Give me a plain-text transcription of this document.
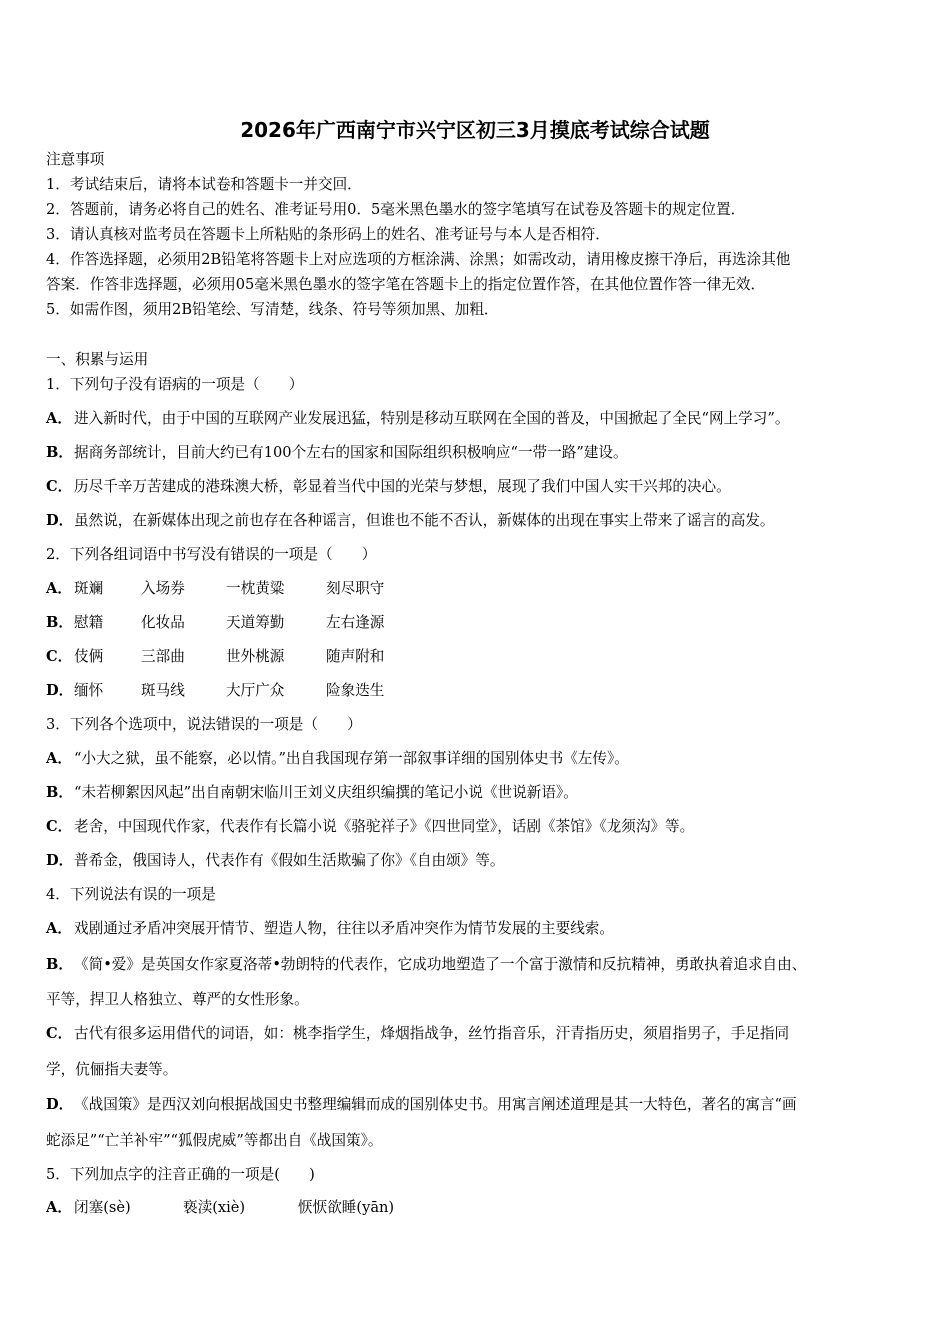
2026年广西南宁市兴宁区初三3月摸底考试综合试题
注意事项
1．考试结束后，请将本试卷和答题卡一并交回．
2．答题前，请务必将自己的姓名、准考证号用0．5毫米黑色墨水的签字笔填写在试卷及答题卡的规定位置．
3．请认真核对监考员在答题卡上所粘贴的条形码上的姓名、准考证号与本人是否相符．
4．作答选择题，必须用2B铅笔将答题卡上对应选项的方框涂满、涂黑；如需改动，请用橡皮擦干净后，再选涂其他
答案．作答非选择题，必须用05毫米黑色墨水的签字笔在答题卡上的指定位置作答，在其他位置作答一律无效．
5．如需作图，须用2B铅笔绘、写清楚，线条、符号等须加黑、加粗．
一、积累与运用
1．下列句子没有语病的一项是（　　）
A． 进入新时代，由于中国的互联网产业发展迅猛，特别是移动互联网在全国的普及，中国掀起了全民“网上学习”。
B．据商务部统计，目前大约已有100个左右的国家和国际组织积极响应“一带一路”建设。
C． 历尽千辛万苦建成的港珠澳大桥，彰显着当代中国的光荣与梦想，展现了我们中国人实干兴邦的决心。
D．虽然说，在新媒体出现之前也存在各种谣言，但谁也不能不否认，新媒体的出现在事实上带来了谣言的高发。
2．下列各组词语中书写没有错误的一项是（　　）
A． 斑斓	入场券	一枕黄粱	刻尽职守
B． 慰籍	化妆品	天道筹勤	左右逢源
C． 伎俩	三部曲	世外桃源	随声附和
D． 缅怀	斑马线	大厅广众	险象迭生
3．下列各个选项中，说法错误的一项是（　　）
A． “小大之狱，虽不能察，必以情。”出自我国现存第一部叙事详细的国别体史书《左传》。
B．“未若柳絮因风起”出自南朝宋临川王刘义庆组织编撰的笔记小说《世说新语》。
C． 老舍，中国现代作家，代表作有长篇小说《骆驼祥子》《四世同堂》，话剧《茶馆》《龙须沟》等。
D．普希金，俄国诗人，代表作有《假如生活欺骗了你》《自由颂》等。
4．下列说法有误的一项是
A． 戏剧通过矛盾冲突展开情节、塑造人物，往往以矛盾冲突作为情节发展的主要线索。
B．《简•爱》是英国女作家夏洛蒂•勃朗特的代表作，它成功地塑造了一个富于激情和反抗精神，勇敢执着追求自由、
平等，捍卫人格独立、尊严的女性形象。
C． 古代有很多运用借代的词语，如：桃李指学生，烽烟指战争，丝竹指音乐，汗青指历史，须眉指男子，手足指同
学，伉俪指夫妻等。
D．《战国策》是西汉刘向根据战国史书整理编辑而成的国别体史书。用寓言阐述道理是其一大特色，著名的寓言“画
蛇添足”“亡羊补牢”“狐假虎威”等都出自《战国策》。
5．下列加点字的注音正确的一项是(　　)
A． 闭塞(sè)	亵渎(xiè)	恹恹欲睡(yān)
